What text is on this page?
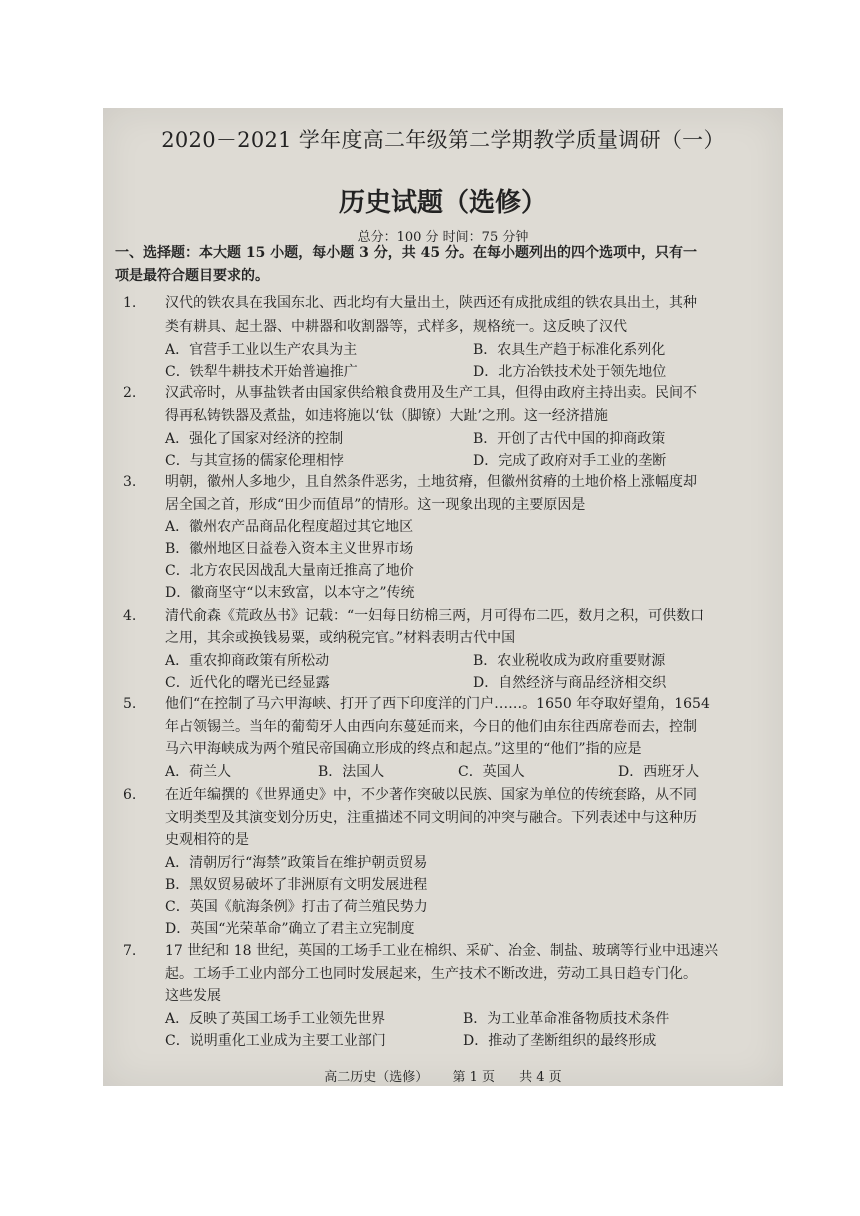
2020－2021 学年度高二年级第二学期教学质量调研（一）
历史试题（选修）
总分：100 分 时间：75 分钟
一、选择题：本大题 15 小题，每小题 3 分，共 45 分。在每小题列出的四个选项中，只有一
项是最符合题目要求的。
1. 汉代的铁农具在我国东北、西北均有大量出土，陕西还有成批成组的铁农具出土，其种
类有耕具、起土器、中耕器和收割器等，式样多，规格统一。这反映了汉代
A．官营手工业以生产农具为主	B．农具生产趋于标准化系列化
C．铁犁牛耕技术开始普遍推广	D．北方冶铁技术处于领先地位
2. 汉武帝时，从事盐铁者由国家供给粮食费用及生产工具，但得由政府主持出卖。民间不
得再私铸铁器及煮盐，如违将施以‘钛（脚镣）大趾’之刑。这一经济措施
A．强化了国家对经济的控制	B．开创了古代中国的抑商政策
C．与其宣扬的儒家伦理相悖	D．完成了政府对手工业的垄断
3. 明朝，徽州人多地少，且自然条件恶劣，土地贫瘠，但徽州贫瘠的土地价格上涨幅度却
居全国之首，形成“田少而值昂”的情形。这一现象出现的主要原因是
A．徽州农产品商品化程度超过其它地区
B．徽州地区日益卷入资本主义世界市场
C．北方农民因战乱大量南迁推高了地价
D．徽商坚守“以末致富，以本守之”传统
4. 清代俞森《荒政丛书》记载：“一妇每日纺棉三两，月可得布二匹，数月之积，可供数口
之用，其余或换钱易粟，或纳税完官。”材料表明古代中国
A．重农抑商政策有所松动	B．农业税收成为政府重要财源
C．近代化的曙光已经显露	D．自然经济与商品经济相交织
5. 他们“在控制了马六甲海峡、打开了西下印度洋的门户……。1650 年夺取好望角，1654
年占领锡兰。当年的葡萄牙人由西向东蔓延而来，今日的他们由东往西席卷而去，控制
马六甲海峡成为两个殖民帝国确立形成的终点和起点。”这里的“他们”指的应是
A．荷兰人	B．法国人	C．英国人	D．西班牙人
6. 在近年编撰的《世界通史》中，不少著作突破以民族、国家为单位的传统套路，从不同
文明类型及其演变划分历史，注重描述不同文明间的冲突与融合。下列表述中与这种历
史观相符的是
A．清朝厉行“海禁”政策旨在维护朝贡贸易
B．黑奴贸易破坏了非洲原有文明发展进程
C．英国《航海条例》打击了荷兰殖民势力
D．英国“光荣革命”确立了君主立宪制度
7. 17 世纪和 18 世纪，英国的工场手工业在棉织、采矿、冶金、制盐、玻璃等行业中迅速兴
起。工场手工业内部分工也同时发展起来，生产技术不断改进，劳动工具日趋专门化。
这些发展
A．反映了英国工场手工业领先世界	B．为工业革命准备物质技术条件
C．说明重化工业成为主要工业部门	D．推动了垄断组织的最终形成
高二历史（选修） 第 1 页 共 4 页
